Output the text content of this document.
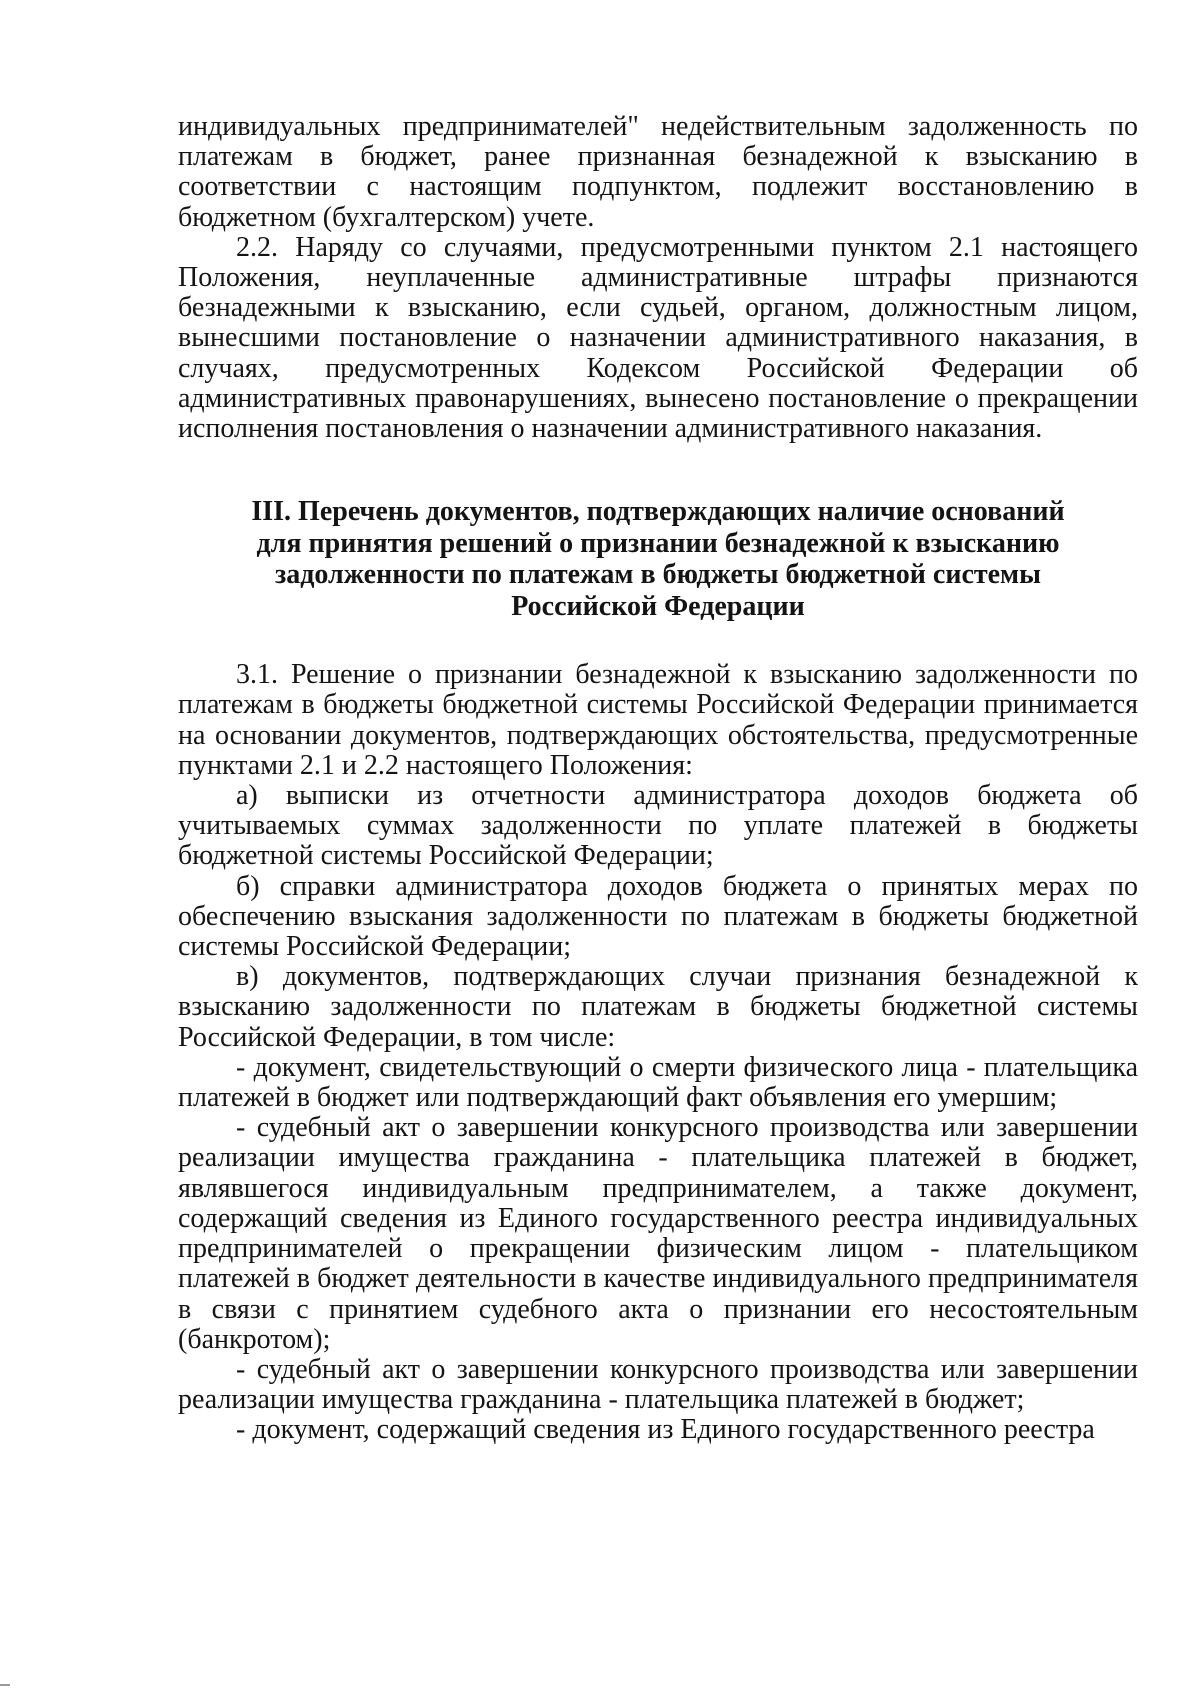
индивидуальных предпринимателей" недействительным задолженность по платежам в бюджет, ранее признанная безнадежной к взысканию в соответствии с настоящим подпунктом, подлежит восстановлению в бюджетном (бухгалтерском) учете.

2.2. Наряду со случаями, предусмотренными пунктом 2.1 настоящего Положения, неуплаченные административные штрафы признаются безнадежными к взысканию, если судьей, органом, должностным лицом, вынесшими постановление о назначении административного наказания, в случаях, предусмотренных Кодексом Российской Федерации об административных правонарушениях, вынесено постановление о прекращении исполнения постановления о назначении административного наказания.

III. Перечень документов, подтверждающих наличие оснований для принятия решений о признании безнадежной к взысканию задолженности по платежам в бюджеты бюджетной системы Российской Федерации

3.1. Решение о признании безнадежной к взысканию задолженности по платежам в бюджеты бюджетной системы Российской Федерации принимается на основании документов, подтверждающих обстоятельства, предусмотренные пунктами 2.1 и 2.2 настоящего Положения:

а) выписки из отчетности администратора доходов бюджета об учитываемых суммах задолженности по уплате платежей в бюджеты бюджетной системы Российской Федерации;

б) справки администратора доходов бюджета о принятых мерах по обеспечению взыскания задолженности по платежам в бюджеты бюджетной системы Российской Федерации;

в) документов, подтверждающих случаи признания безнадежной к взысканию задолженности по платежам в бюджеты бюджетной системы Российской Федерации, в том числе:

- документ, свидетельствующий о смерти физического лица - плательщика платежей в бюджет или подтверждающий факт объявления его умершим;

- судебный акт о завершении конкурсного производства или завершении реализации имущества гражданина - плательщика платежей в бюджет, являвшегося индивидуальным предпринимателем, а также документ, содержащий сведения из Единого государственного реестра индивидуальных предпринимателей о прекращении физическим лицом - плательщиком платежей в бюджет деятельности в качестве индивидуального предпринимателя в связи с принятием судебного акта о признании его несостоятельным (банкротом);

- судебный акт о завершении конкурсного производства или завершении реализации имущества гражданина - плательщика платежей в бюджет;

- документ, содержащий сведения из Единого государственного реестра
